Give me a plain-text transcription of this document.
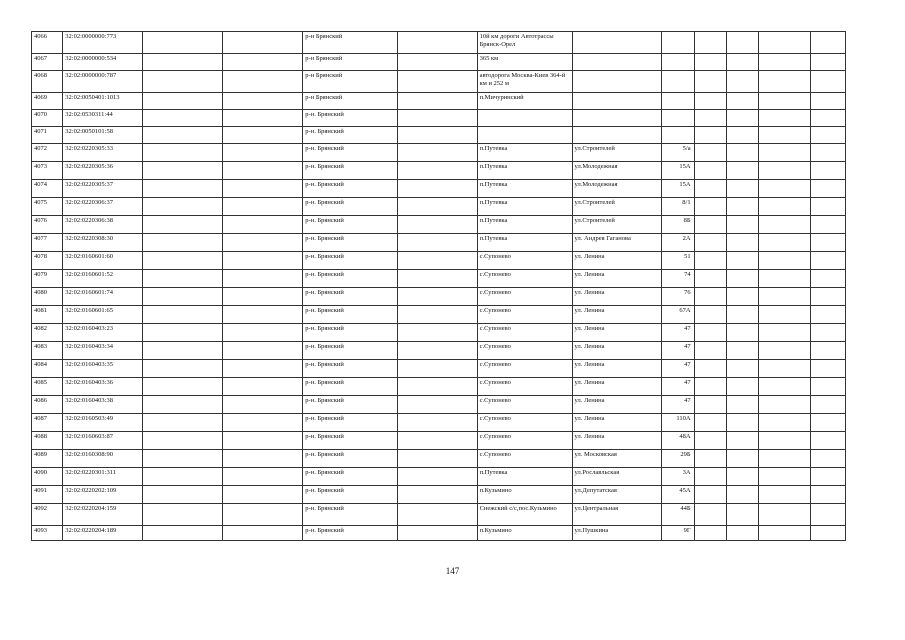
4066	32:02:0000000:773			р-н Брянский		10й км дороги Автотрассы Брянск-Орел						
4067	32:02:0000000:534			р-н Брянский		365 км						
4068	32:02:0000000:787			р-н Брянский		автодорога Москва-Киев 364-й км и 252 м						
4069	32:02:0050401:1013			р-н Брянский		п.Мичуринский						
4070	32:02:0530311:44			р-н. Брянский								
4071	32:02:0050101:58			р-н. Брянский								
4072	32:02:0220305:33			р-н. Брянский		п.Путевка	ул.Строителей	5/а				
4073	32:02:0220305:36			р-н. Брянский		п.Путевка	ул.Молодежная	15А				
4074	32:02:0220305:37			р-н. Брянский		п.Путевка	ул.Молодежная	15А				
4075	32:02:0220306:37			р-н. Брянский		п.Путевка	ул.Строителей	8/1				
4076	32:02:0220306:38			р-н. Брянский		п.Путевка	ул.Строителей	8Б				
4077	32:02:0220308:30			р-н. Брянский		п.Путевка	ул. Андрея Гаганова	2А				
4078	32:02:0160601:60			р-н. Брянский		с.Супонево	ул. Ленина	51				
4079	32:02:0160601:52			р-н. Брянский		с.Супонево	ул. Ленина	74				
4080	32:02:0160601:74			р-н. Брянский		с.Супонево	ул. Ленина	76				
4081	32:02:0160601:65			р-н. Брянский		с.Супонево	ул. Ленина	67А				
4082	32:02:0160403:23			р-н. Брянский		с.Супонево	ул. Ленина	47				
4083	32:02:0160403:34			р-н. Брянский		с.Супонево	ул. Ленина	47				
4084	32:02:0160403:35			р-н. Брянский		с.Супонево	ул. Ленина	47				
4085	32:02:0160403:36			р-н. Брянский		с.Супонево	ул. Ленина	47				
4086	32:02:0160403:38			р-н. Брянский		с.Супонево	ул. Ленина	47				
4087	32:02:0160503:49			р-н. Брянский		с.Супонево	ул. Ленина	110А				
4088	32:02:0160603:87			р-н. Брянский		с.Супонево	ул. Ленина	48А				
4089	32:02:0160308:90			р-н. Брянский		с.Супонево	ул. Московская	29Б				
4090	32:02:0220301:311			р-н. Брянский		п.Путевка	ул.Рославльская	3А				
4091	32:02:0220202:109			р-н. Брянский		п.Кузьмино	ул.Депутатская	45А				
4092	32:02:0220204:159			р-н. Брянский		Снежский с/с,пос.Кузьмино	ул.Центральная	44Б				
4093	32:02:0220204:189			р-н. Брянский		п.Кузьмино	ул.Пушкина	9Г				
147
